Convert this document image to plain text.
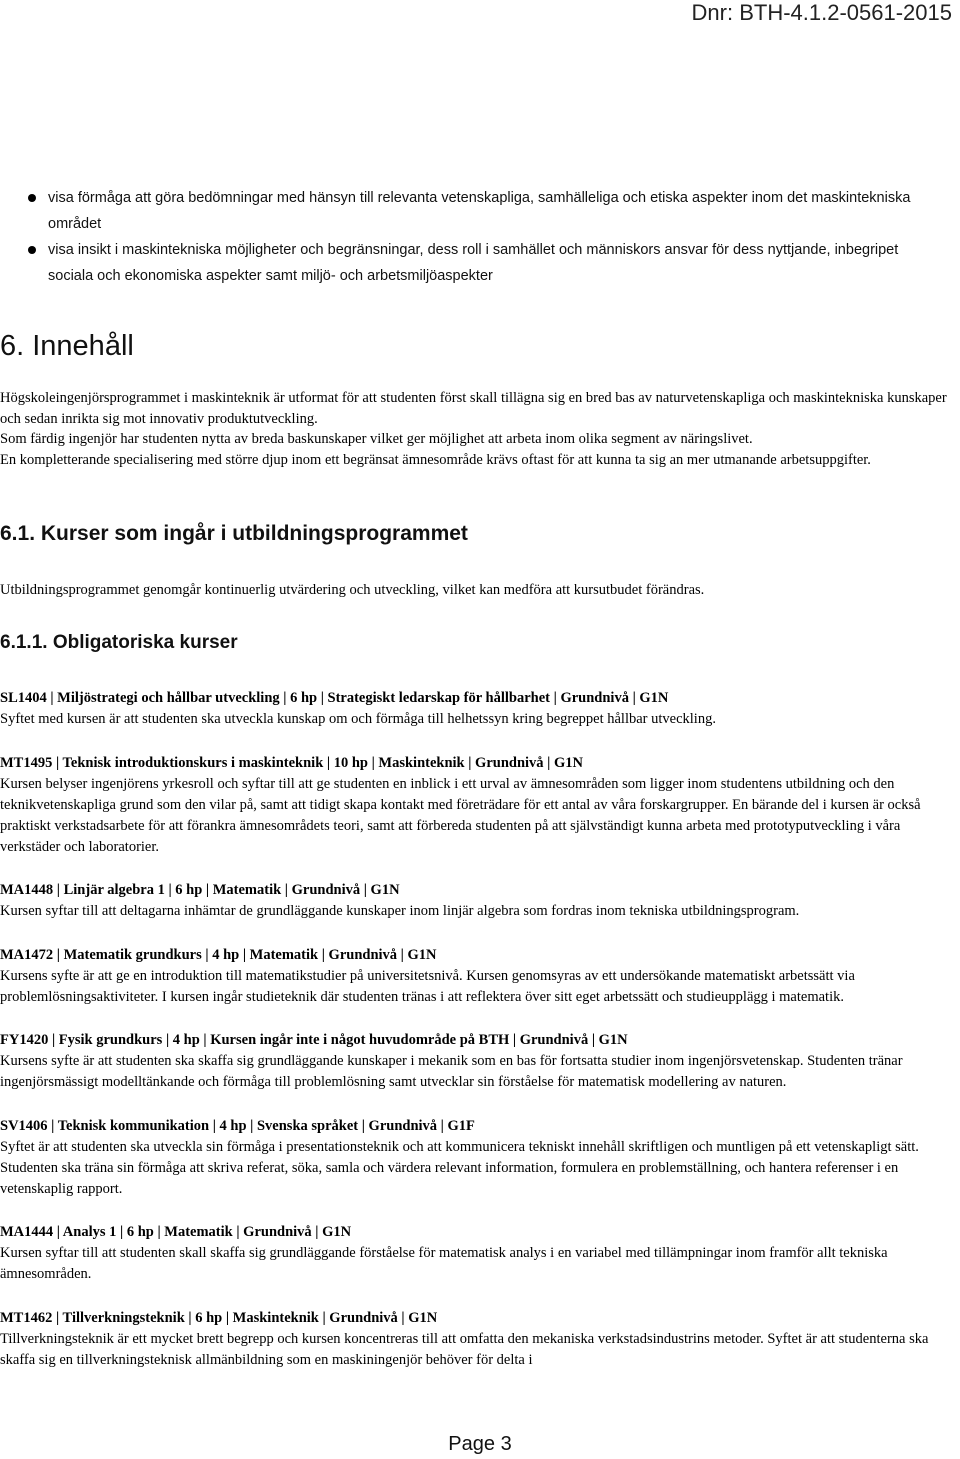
Dnr: BTH-4.1.2-0561-2015
visa förmåga att göra bedömningar med hänsyn till relevanta vetenskapliga, samhälleliga och etiska aspekter inom det maskintekniska området
visa insikt i maskintekniska möjligheter och begränsningar, dess roll i samhället och människors ansvar för dess nyttjande, inbegripet sociala och ekonomiska aspekter samt miljö- och arbetsmiljöaspekter
6. Innehåll

Högskoleingenjörsprogrammet i maskinteknik är utformat för att studenten först skall tillägna sig en bred bas av naturvetenskapliga och maskintekniska kunskaper och sedan inrikta sig mot innovativ produktutveckling.

Som färdig ingenjör har studenten nytta av breda baskunskaper vilket ger möjlighet att arbeta inom olika segment av näringslivet.

En kompletterande specialisering med större djup inom ett begränsat ämnesområde krävs oftast för att kunna ta sig an mer utmanande arbetsuppgifter.

6.1. Kurser som ingår i utbildningsprogrammet

Utbildningsprogrammet genomgår kontinuerlig utvärdering och utveckling, vilket kan medföra att kursutbudet förändras.

6.1.1. Obligatoriska kurser

SL1404 | Miljöstrategi och hållbar utveckling | 6 hp | Strategiskt ledarskap för hållbarhet | Grundnivå | G1N
Syftet med kursen är att studenten ska utveckla kunskap om och förmåga till helhetssyn kring begreppet hållbar utveckling.

MT1495 | Teknisk introduktionskurs i maskinteknik | 10 hp | Maskinteknik | Grundnivå | G1N
Kursen belyser ingenjörens yrkesroll och syftar till att ge studenten en inblick i ett urval av ämnesområden som ligger inom studentens utbildning och den teknikvetenskapliga grund som den vilar på, samt att tidigt skapa kontakt med företrädare för ett antal av våra forskargrupper. En bärande del i kursen är också praktiskt verkstadsarbete för att förankra ämnesområdets teori, samt att förbereda studenten på att självständigt kunna arbeta med prototyputveckling i våra verkstäder och laboratorier.

MA1448 | Linjär algebra 1 | 6 hp | Matematik | Grundnivå | G1N
Kursen syftar till att deltagarna inhämtar de grundläggande kunskaper inom linjär algebra som fordras inom tekniska utbildningsprogram.

MA1472 | Matematik grundkurs | 4 hp | Matematik | Grundnivå | G1N
Kursens syfte är att ge en introduktion till matematikstudier på universitetsnivå. Kursen genomsyras av ett undersökande matematiskt arbetssätt via problemlösningsaktiviteter. I kursen ingår studieteknik där studenten tränas i att reflektera över sitt eget arbetssätt och studieupplägg i matematik.

FY1420 | Fysik grundkurs | 4 hp | Kursen ingår inte i något huvudområde på BTH | Grundnivå | G1N
Kursens syfte är att studenten ska skaffa sig grundläggande kunskaper i mekanik som en bas för fortsatta studier inom ingenjörsvetenskap. Studenten tränar ingenjörsmässigt modelltänkande och förmåga till problemlösning samt utvecklar sin förståelse för matematisk modellering av naturen.

SV1406 | Teknisk kommunikation | 4 hp | Svenska språket | Grundnivå | G1F
Syftet är att studenten ska utveckla sin förmåga i presentationsteknik och att kommunicera tekniskt innehåll skriftligen och muntligen på ett vetenskapligt sätt. Studenten ska träna sin förmåga att skriva referat, söka, samla och värdera relevant information, formulera en problemställning, och hantera referenser i en vetenskaplig rapport.

MA1444 | Analys 1 | 6 hp | Matematik | Grundnivå | G1N
Kursen syftar till att studenten skall skaffa sig grundläggande förståelse för matematisk analys i en variabel med tillämpningar inom framför allt tekniska ämnesområden.

MT1462 | Tillverkningsteknik | 6 hp | Maskinteknik | Grundnivå | G1N
Tillverkningsteknik är ett mycket brett begrepp och kursen koncentreras till att omfatta den mekaniska verkstadsindustrins metoder. Syftet är att studenterna ska skaffa sig en tillverkningsteknisk allmänbildning som en maskiningenjör behöver för delta i

Page 3
